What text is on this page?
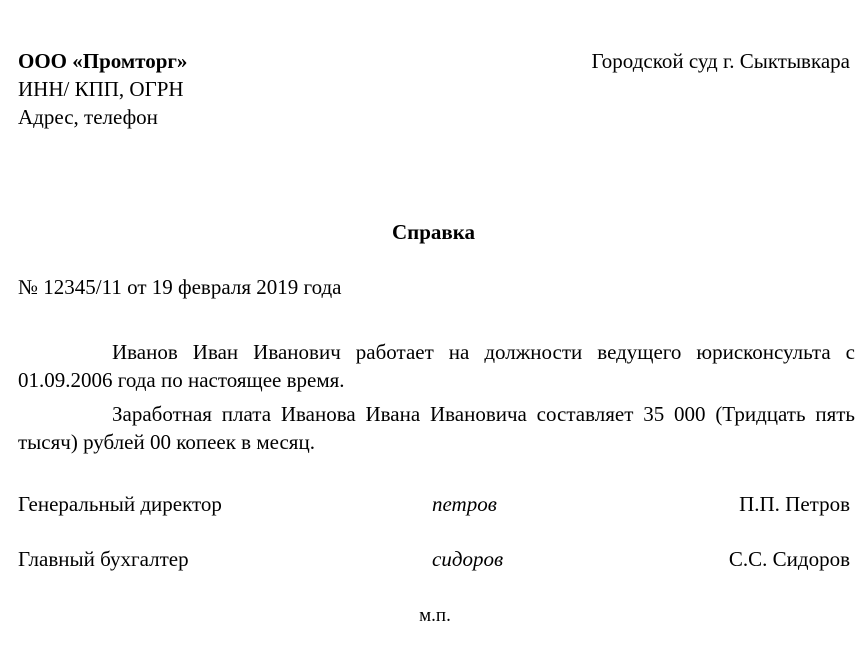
ООО «Промторг»
ИНН/ КПП, ОГРН
Адрес, телефон
Городской суд г. Сыктывкара
Справка
№ 12345/11 от 19 февраля 2019 года
Иванов Иван Иванович работает на должности ведущего юрисконсульта с 01.09.2006 года по настоящее время.
Заработная плата Иванова Ивана Ивановича составляет 35 000 (Тридцать пять тысяч) рублей 00 копеек в месяц.
Генеральный директор	петров	П.П. Петров
Главный бухгалтер	сидоров	С.С. Сидоров
м.п.
